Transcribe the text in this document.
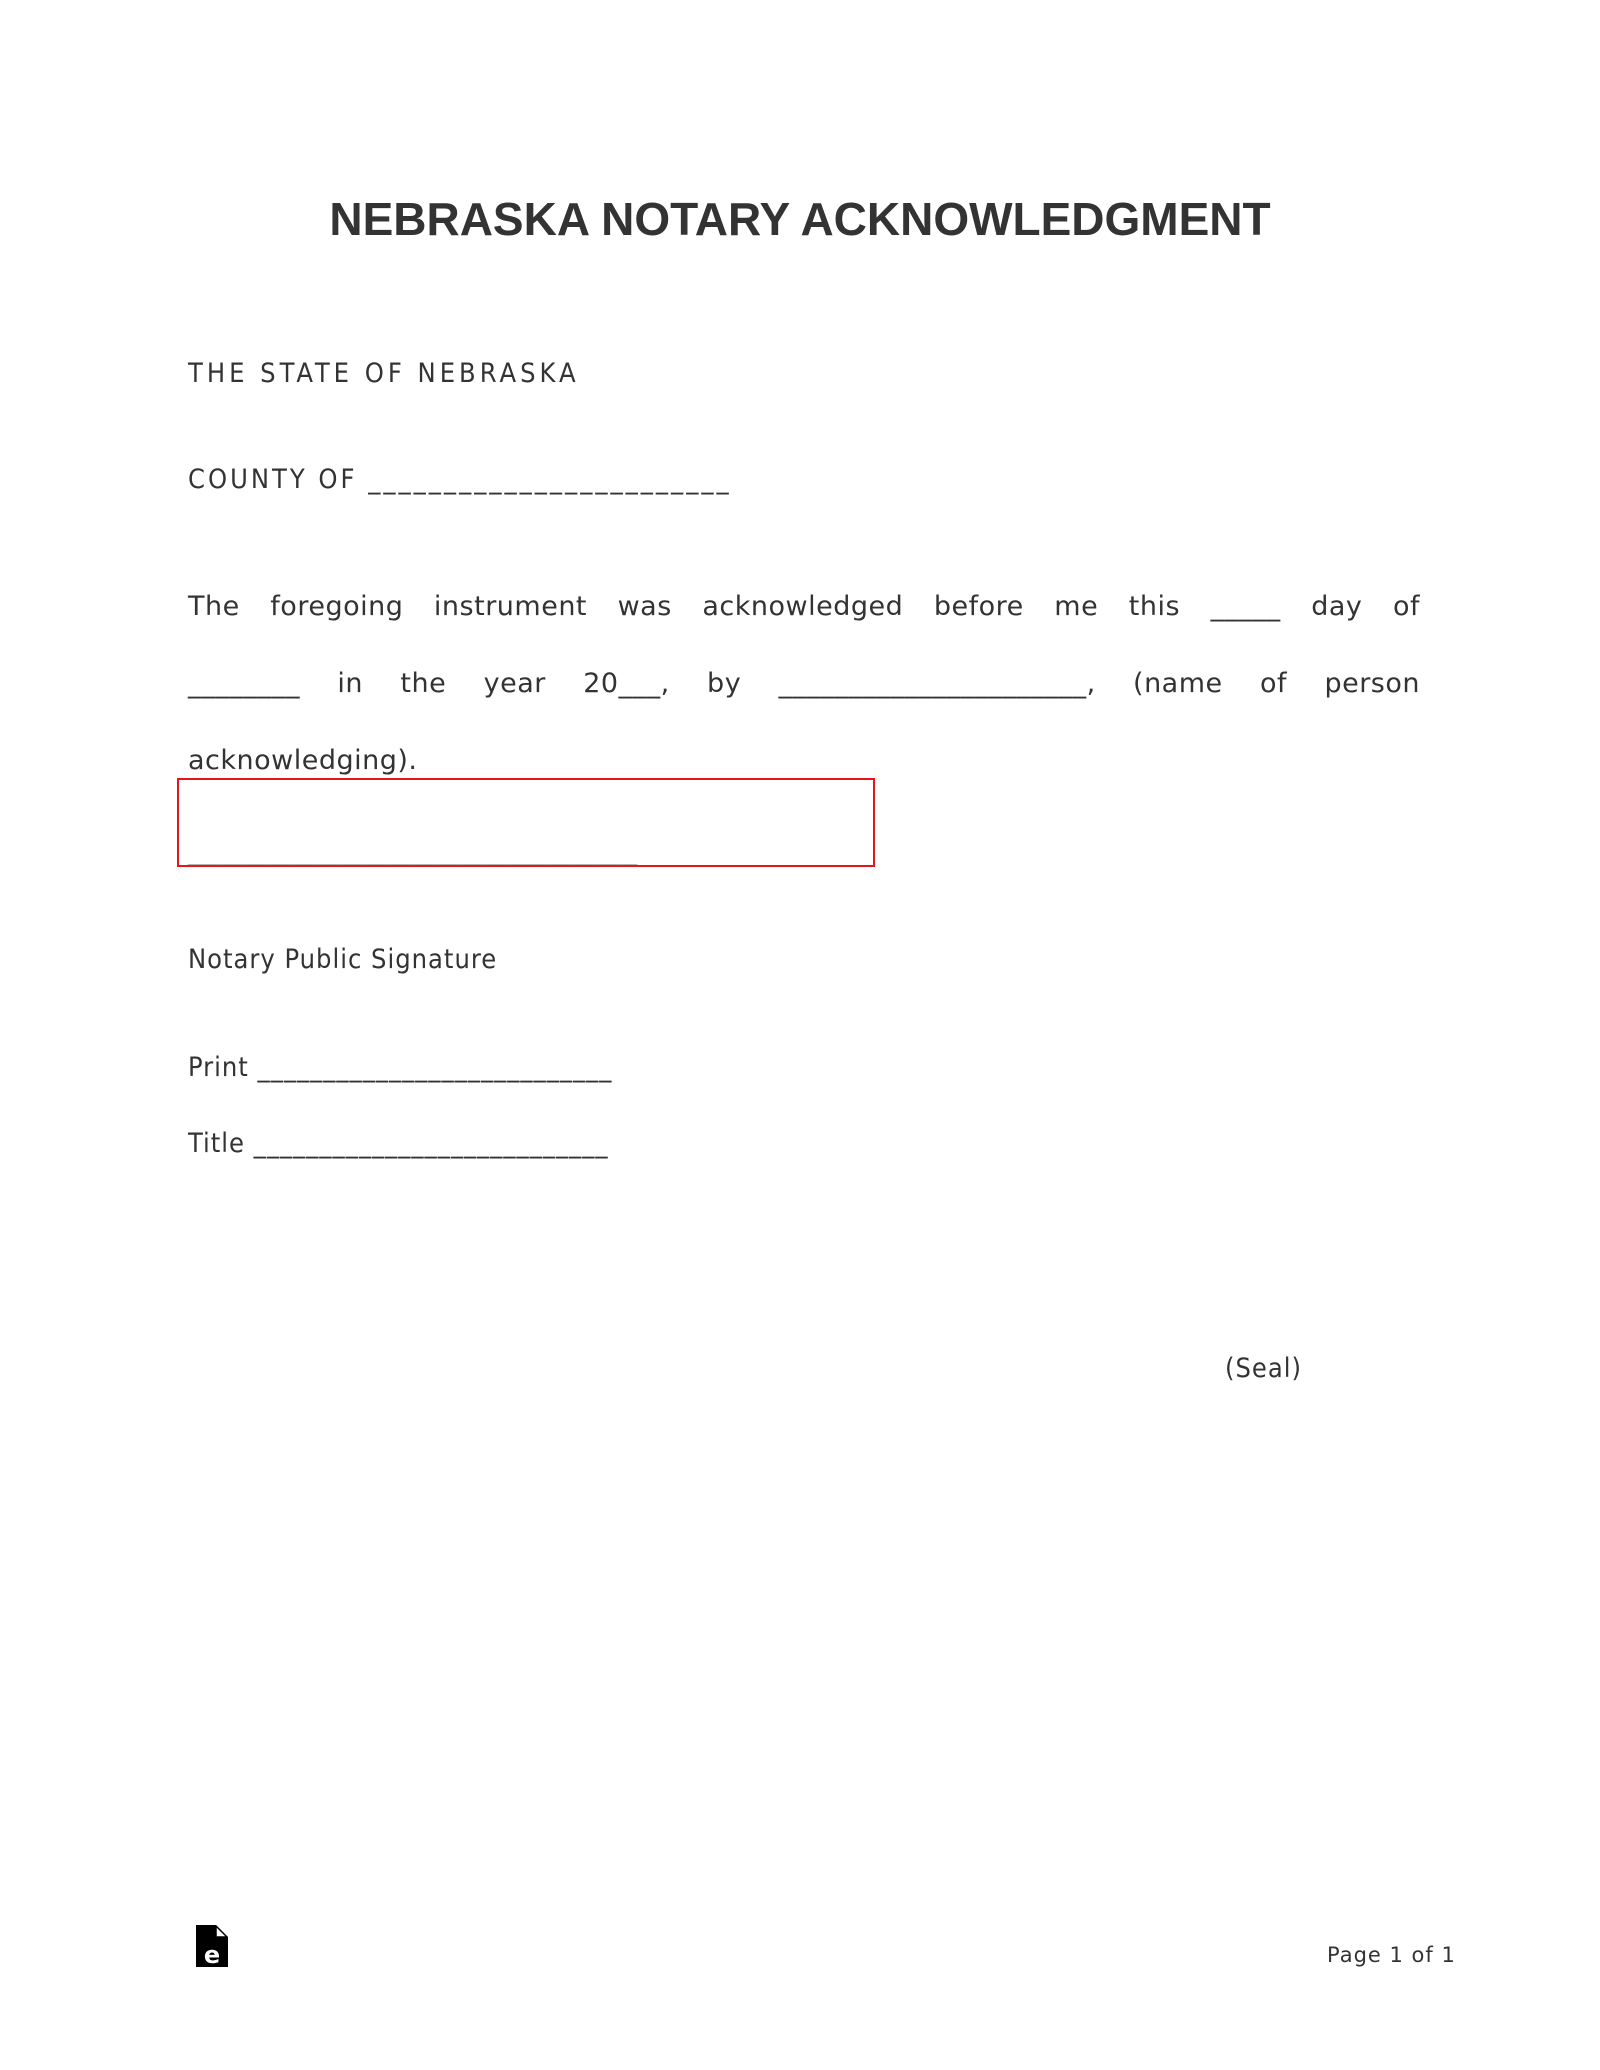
NEBRASKA NOTARY ACKNOWLEDGMENT
THE STATE OF NEBRASKA
COUNTY OF ________________________
The foregoing instrument was acknowledged before me this _____ day of
________ in the year 20___, by ______________________, (name of person
acknowledging).
_____________________________________
Notary Public Signature
Print ___________________________
Title ___________________________
(Seal)
e	Page 1 of 1
